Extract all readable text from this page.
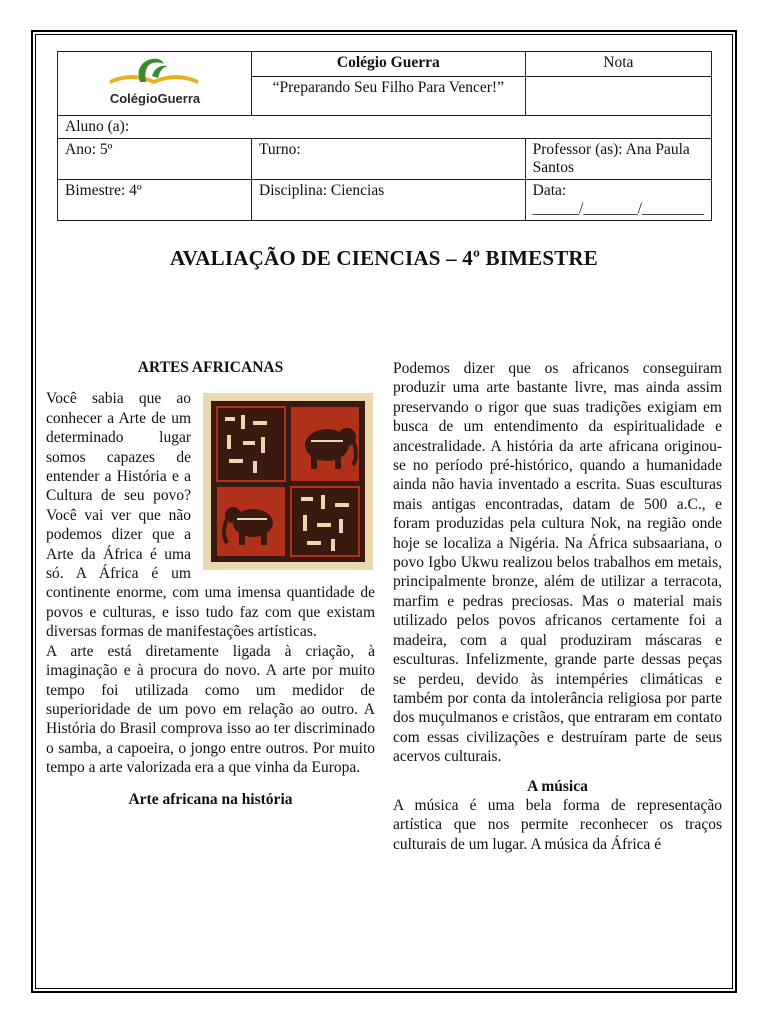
ColégioGuerra	Colégio Guerra	Nota
	“Preparando Seu Filho Para Vencer!”	
Aluno (a):		
Ano: 5º	Turno:	Professor (as): Ana Paula Santos
Bimestre: 4º	Disciplina: Ciencias	Data: ______/_______/________
AVALIAÇÃO DE CIENCIAS – 4º BIMESTRE
ARTES AFRICANAS

Você sabia que ao conhecer a Arte de um determinado lugar somos capazes de entender a História e a Cultura de seu povo? Você vai ver que não podemos dizer que a Arte da África é uma só. A África é um continente enorme, com uma imensa quantidade de povos e culturas, e isso tudo faz com que existam diversas formas de manifestações artísticas.

A arte está diretamente ligada à criação, à imaginação e à procura do novo. A arte por muito tempo foi utilizada como um medidor de superioridade de um povo em relação ao outro. A História do Brasil comprova isso ao ter discriminado o samba, a capoeira, o jongo entre outros. Por muito tempo a arte valorizada era a que vinha da Europa.

Arte africana na história

Podemos dizer que os africanos conseguiram produzir uma arte bastante livre, mas ainda assim preservando o rigor que suas tradições exigiam em busca de um entendimento da espiritualidade e ancestralidade. A história da arte africana originou-se no período pré-histórico, quando a humanidade ainda não havia inventado a escrita. Suas esculturas mais antigas encontradas, datam de 500 a.C., e foram produzidas pela cultura Nok, na região onde hoje se localiza a Nigéria. Na África subsaariana, o povo Igbo Ukwu realizou belos trabalhos em metais, principalmente bronze, além de utilizar a terracota, marfim e pedras preciosas. Mas o material mais utilizado pelos povos africanos certamente foi a madeira, com a qual produziram máscaras e esculturas. Infelizmente, grande parte dessas peças se perdeu, devido às intempéries climáticas e também por conta da intolerância religiosa por parte dos muçulmanos e cristãos, que entraram em contato com essas civilizações e destruíram parte de seus acervos culturais.

A música

A música é uma bela forma de representação artística que nos permite reconhecer os traços culturais de um lugar. A música da África é
